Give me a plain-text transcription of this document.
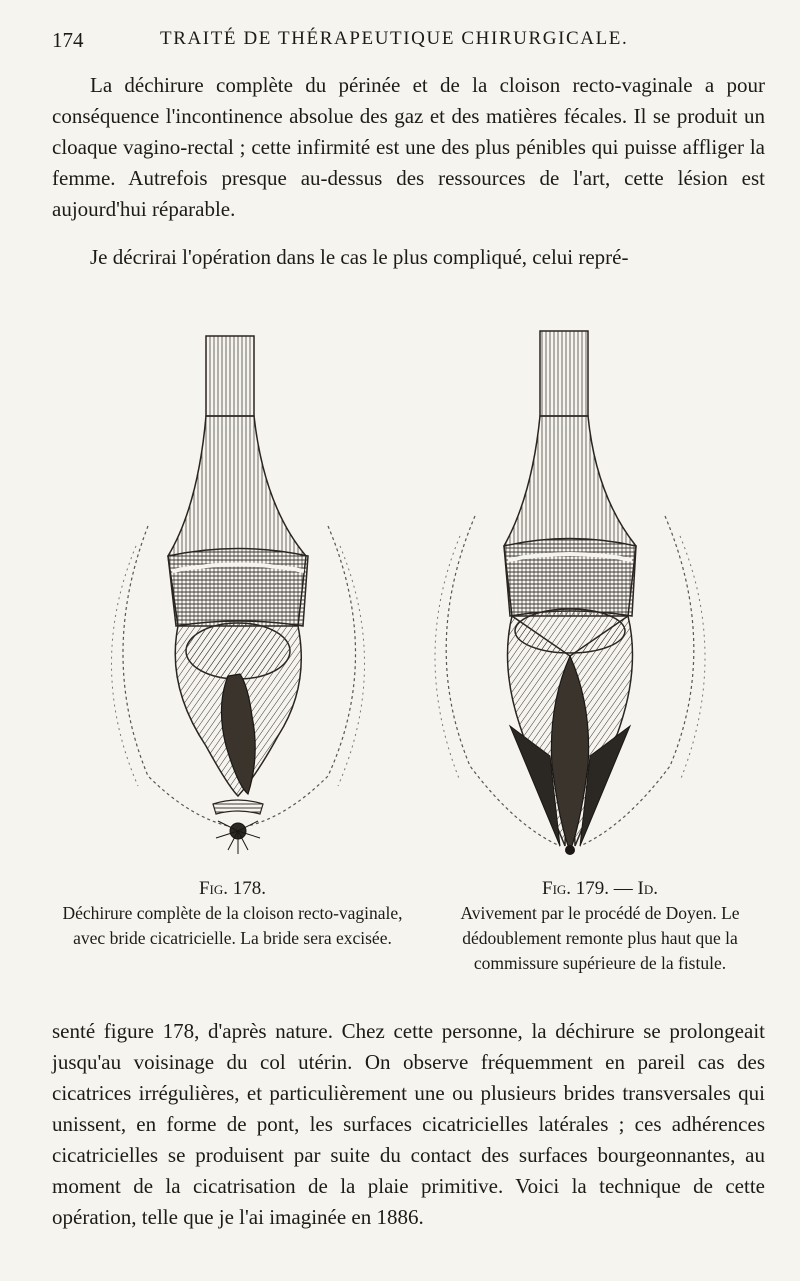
174	TRAITÉ DE THÉRAPEUTIQUE CHIRURGICALE.

La déchirure complète du périnée et de la cloison recto-vaginale a pour conséquence l'incontinence absolue des gaz et des matières fécales. Il se produit un cloaque vagino-rectal ; cette infirmité est une des plus pénibles qui puisse affliger la femme. Autrefois presque au-dessus des ressources de l'art, cette lésion est aujourd'hui réparable.

Je décrirai l'opération dans le cas le plus compliqué, celui repré-

Fig. 178.
Déchirure complète de la cloison recto-vaginale, avec bride cicatricielle. La bride sera excisée.
Fig. 179. — Id.
Avivement par le procédé de Doyen. Le dédoublement remonte plus haut que la commissure supérieure de la fistule.

senté figure 178, d'après nature. Chez cette personne, la déchirure se prolongeait jusqu'au voisinage du col utérin. On observe fréquemment en pareil cas des cicatrices irrégulières, et particulièrement une ou plusieurs brides transversales qui unissent, en forme de pont, les surfaces cicatricielles latérales ; ces adhérences cicatricielles se produisent par suite du contact des surfaces bourgeonnantes, au moment de la cicatrisation de la plaie primitive. Voici la technique de cette opération, telle que je l'ai imaginée en 1886.
